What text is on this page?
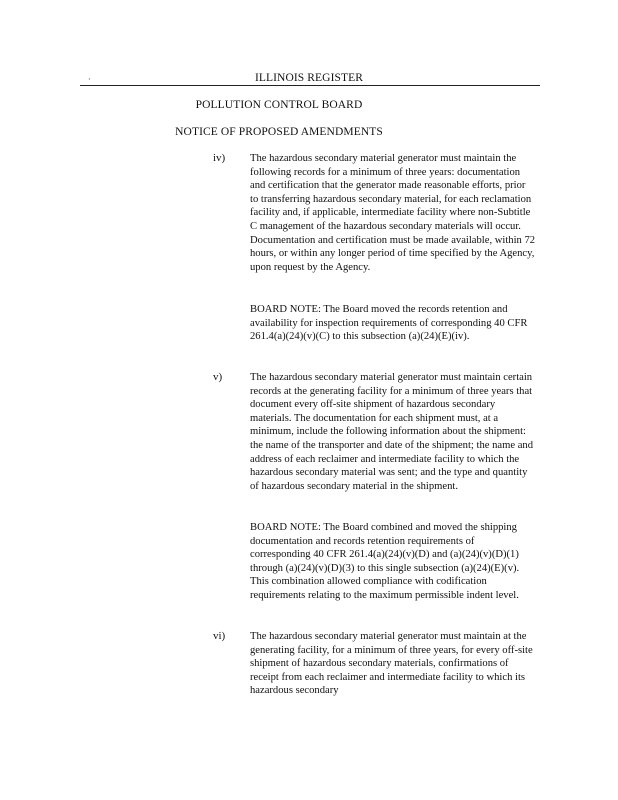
·	ILLINOIS REGISTER
POLLUTION CONTROL BOARD
NOTICE OF PROPOSED AMENDMENTS
iv) The hazardous secondary material generator must maintain the following records for a minimum of three years: documentation and certification that the generator made reasonable efforts, prior to transferring hazardous secondary material, for each reclamation facility and, if applicable, intermediate facility where non-Subtitle C management of the hazardous secondary materials will occur. Documentation and certification must be made available, within 72 hours, or within any longer period of time specified by the Agency, upon request by the Agency.
BOARD NOTE: The Board moved the records retention and availability for inspection requirements of corresponding 40 CFR 261.4(a)(24)(v)(C) to this subsection (a)(24)(E)(iv).
v)	The hazardous secondary material generator must maintain certain records at the generating facility for a minimum of three years that document every off-site shipment of hazardous secondary materials. The documentation for each shipment must, at a minimum, include the following information about the shipment: the name of the transporter and date of the shipment; the name and address of each reclaimer and intermediate facility to which the hazardous secondary material was sent; and the type and quantity of hazardous secondary material in the shipment.
BOARD NOTE: The Board combined and moved the shipping documentation and records retention requirements of corresponding 40 CFR 261.4(a)(24)(v)(D) and (a)(24)(v)(D)(1) through (a)(24)(v)(D)(3) to this single subsection (a)(24)(E)(v). This combination allowed compliance with codification requirements relating to the maximum permissible indent level.
vi) The hazardous secondary material generator must maintain at the generating facility, for a minimum of three years, for every off-site shipment of hazardous secondary materials, confirmations of receipt from each reclaimer and intermediate facility to which its hazardous secondary
